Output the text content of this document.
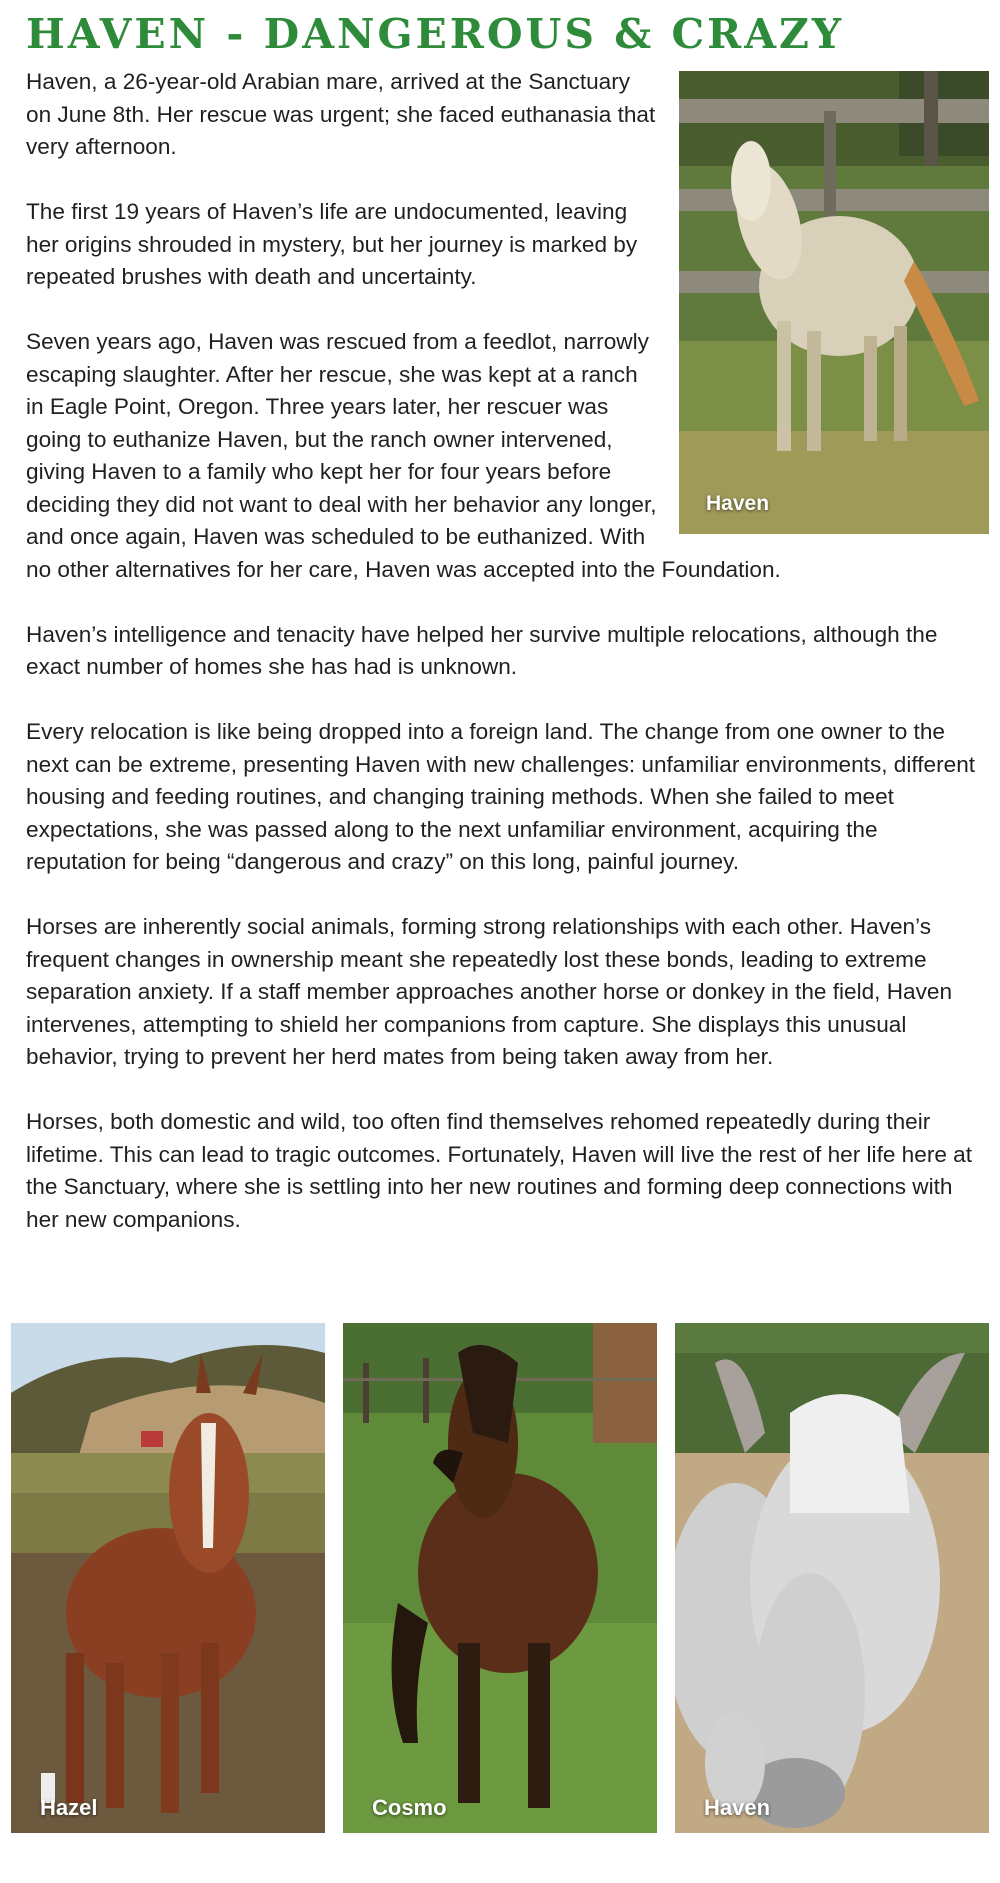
HAVEN - DANGEROUS & CRAZY
Haven

Haven, a 26-year-old Arabian mare, arrived at the Sanctuary on June 8th. Her rescue was urgent; she faced euthanasia that very afternoon.

The first 19 years of Haven’s life are undocumented, leaving her origins shrouded in mystery, but her journey is marked by repeated brushes with death and uncertainty.

Seven years ago, Haven was rescued from a feedlot, narrowly escaping slaughter. After her rescue, she was kept at a ranch in Eagle Point, Oregon. Three years later, her rescuer was going to euthanize Haven, but the ranch owner intervened, giving Haven to a family who kept her for four years before deciding they did not want to deal with her behavior any longer, and once again, Haven was scheduled to be euthanized. With no other alternatives for her care, Haven was accepted into the Foundation.

Haven’s intelligence and tenacity have helped her survive multiple relocations, although the exact number of homes she has had is unknown.

Every relocation is like being dropped into a foreign land. The change from one owner to the next can be extreme, presenting Haven with new challenges: unfamiliar environments, different housing and feeding routines, and changing training methods. When she failed to meet expectations, she was passed along to the next unfamiliar environment, acquiring the reputation for being “dangerous and crazy” on this long, painful journey.

Horses are inherently social animals, forming strong relationships with each other. Haven’s frequent changes in ownership meant she repeatedly lost these bonds, leading to extreme separation anxiety. If a staff member approaches another horse or donkey in the field, Haven intervenes, attempting to shield her companions from capture. She displays this unusual behavior, trying to prevent her herd mates from being taken away from her.

Horses, both domestic and wild, too often find themselves rehomed repeatedly during their lifetime. This can lead to tragic outcomes. Fortunately, Haven will live the rest of her life here at the Sanctuary, where she is settling into her new routines and forming deep connections with her new companions.

Hazel	Cosmo	Haven
